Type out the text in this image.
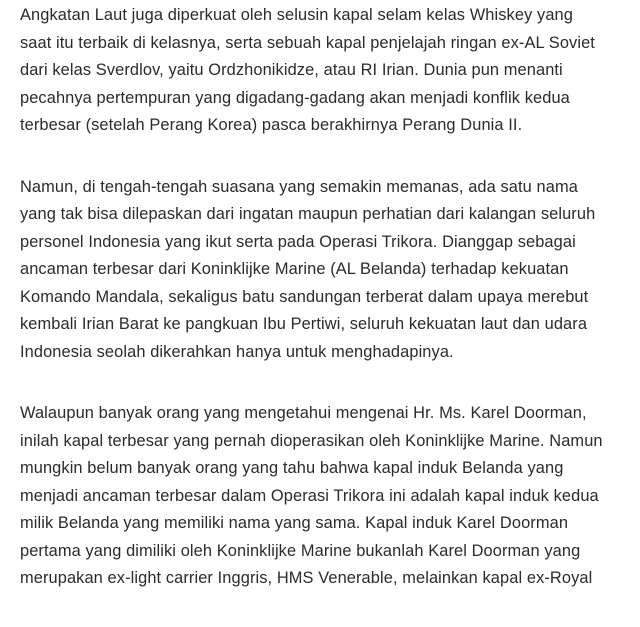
Angkatan Laut juga diperkuat oleh selusin kapal selam kelas Whiskey yang
saat itu terbaik di kelasnya, serta sebuah kapal penjelajah ringan ex-AL Soviet
dari kelas Sverdlov, yaitu Ordzhonikidze, atau RI Irian. Dunia pun menanti
pecahnya pertempuran yang digadang-gadang akan menjadi konflik kedua
terbesar (setelah Perang Korea) pasca berakhirnya Perang Dunia II.

Namun, di tengah-tengah suasana yang semakin memanas, ada satu nama
yang tak bisa dilepaskan dari ingatan maupun perhatian dari kalangan seluruh
personel Indonesia yang ikut serta pada Operasi Trikora. Dianggap sebagai
ancaman terbesar dari Koninklijke Marine (AL Belanda) terhadap kekuatan
Komando Mandala, sekaligus batu sandungan terberat dalam upaya merebut
kembali Irian Barat ke pangkuan Ibu Pertiwi, seluruh kekuatan laut dan udara
Indonesia seolah dikerahkan hanya untuk menghadapinya.

Walaupun banyak orang yang mengetahui mengenai Hr. Ms. Karel Doorman,
inilah kapal terbesar yang pernah dioperasikan oleh Koninklijke Marine. Namun
mungkin belum banyak orang yang tahu bahwa kapal induk Belanda yang
menjadi ancaman terbesar dalam Operasi Trikora ini adalah kapal induk kedua
milik Belanda yang memiliki nama yang sama. Kapal induk Karel Doorman
pertama yang dimiliki oleh Koninklijke Marine bukanlah Karel Doorman yang
merupakan ex-light carrier Inggris, HMS Venerable, melainkan kapal ex-Royal
